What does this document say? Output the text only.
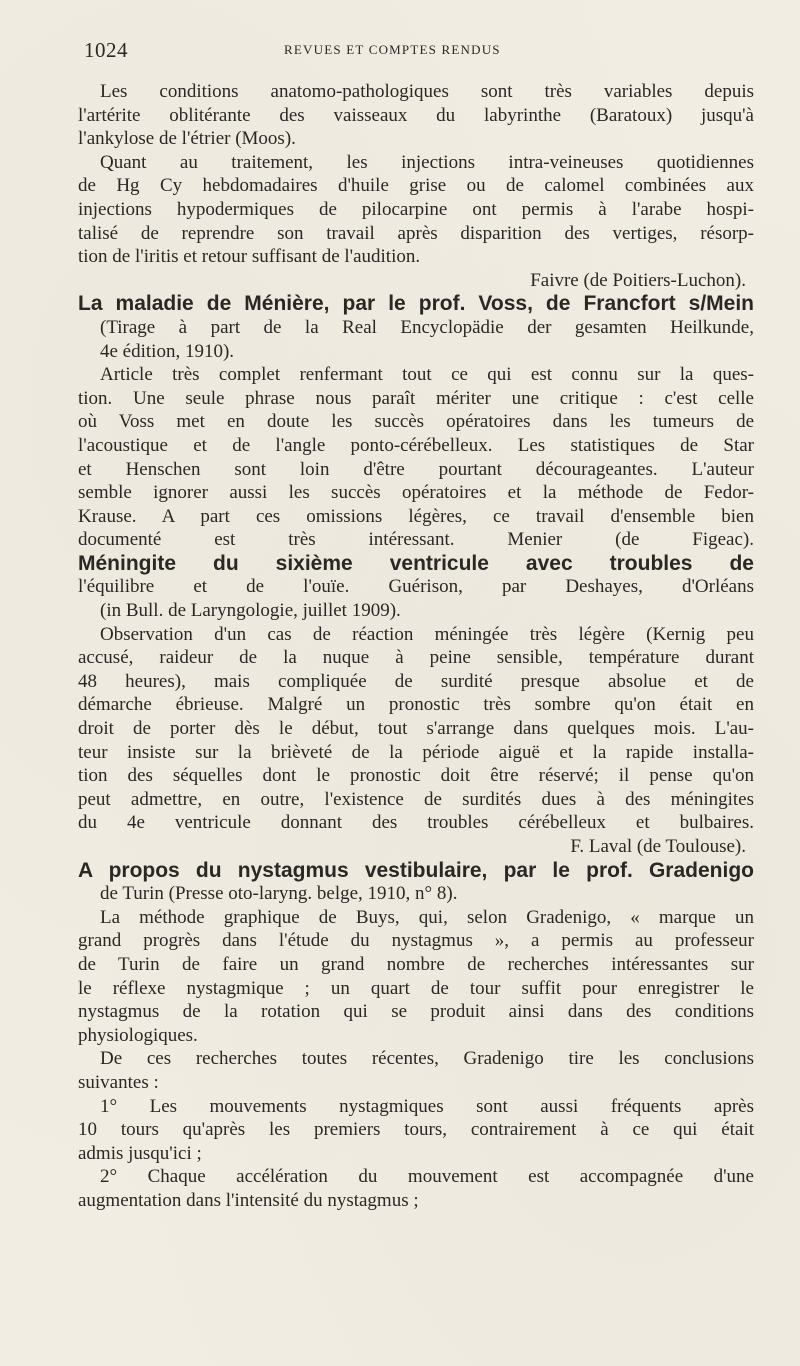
1024	REVUES ET COMPTES RENDUS
Les conditions anatomo-pathologiques sont très variables depuis
l'artérite oblitérante des vaisseaux du labyrinthe (Baratoux) jusqu'à
l'ankylose de l'étrier (Moos).
Quant au traitement, les injections intra-veineuses quotidiennes
de Hg Cy hebdomadaires d'huile grise ou de calomel combinées aux
injections hypodermiques de pilocarpine ont permis à l'arabe hospi-
talisé de reprendre son travail après disparition des vertiges, résorp-
tion de l'iritis et retour suffisant de l'audition.
Faivre (de Poitiers-Luchon).
La maladie de Ménière, par le prof. Voss, de Francfort s/Mein
(Tirage à part de la Real Encyclopädie der gesamten Heilkunde,
4e édition, 1910).
Article très complet renfermant tout ce qui est connu sur la ques-
tion. Une seule phrase nous paraît mériter une critique : c'est celle
où Voss met en doute les succès opératoires dans les tumeurs de
l'acoustique et de l'angle ponto-cérébelleux. Les statistiques de Star
et Henschen sont loin d'être pourtant décourageantes. L'auteur
semble ignorer aussi les succès opératoires et la méthode de Fedor-
Krause. A part ces omissions légères, ce travail d'ensemble bien
documenté est très intéressant. Menier (de Figeac).
Méningite du sixième ventricule avec troubles de
l'équilibre et de l'ouïe. Guérison, par Deshayes, d'Orléans
(in Bull. de Laryngologie, juillet 1909).
Observation d'un cas de réaction méningée très légère (Kernig peu
accusé, raideur de la nuque à peine sensible, température durant
48 heures), mais compliquée de surdité presque absolue et de
démarche ébrieuse. Malgré un pronostic très sombre qu'on était en
droit de porter dès le début, tout s'arrange dans quelques mois. L'au-
teur insiste sur la brièveté de la période aiguë et la rapide installa-
tion des séquelles dont le pronostic doit être réservé; il pense qu'on
peut admettre, en outre, l'existence de surdités dues à des méningites
du 4e ventricule donnant des troubles cérébelleux et bulbaires.
F. Laval (de Toulouse).
A propos du nystagmus vestibulaire, par le prof. Gradenigo
de Turin (Presse oto-laryng. belge, 1910, n° 8).
La méthode graphique de Buys, qui, selon Gradenigo, « marque un
grand progrès dans l'étude du nystagmus », a permis au professeur
de Turin de faire un grand nombre de recherches intéressantes sur
le réflexe nystagmique ; un quart de tour suffit pour enregistrer le
nystagmus de la rotation qui se produit ainsi dans des conditions
physiologiques.
De ces recherches toutes récentes, Gradenigo tire les conclusions
suivantes :
1° Les mouvements nystagmiques sont aussi fréquents après
10 tours qu'après les premiers tours, contrairement à ce qui était
admis jusqu'ici ;
2° Chaque accélération du mouvement est accompagnée d'une
augmentation dans l'intensité du nystagmus ;
